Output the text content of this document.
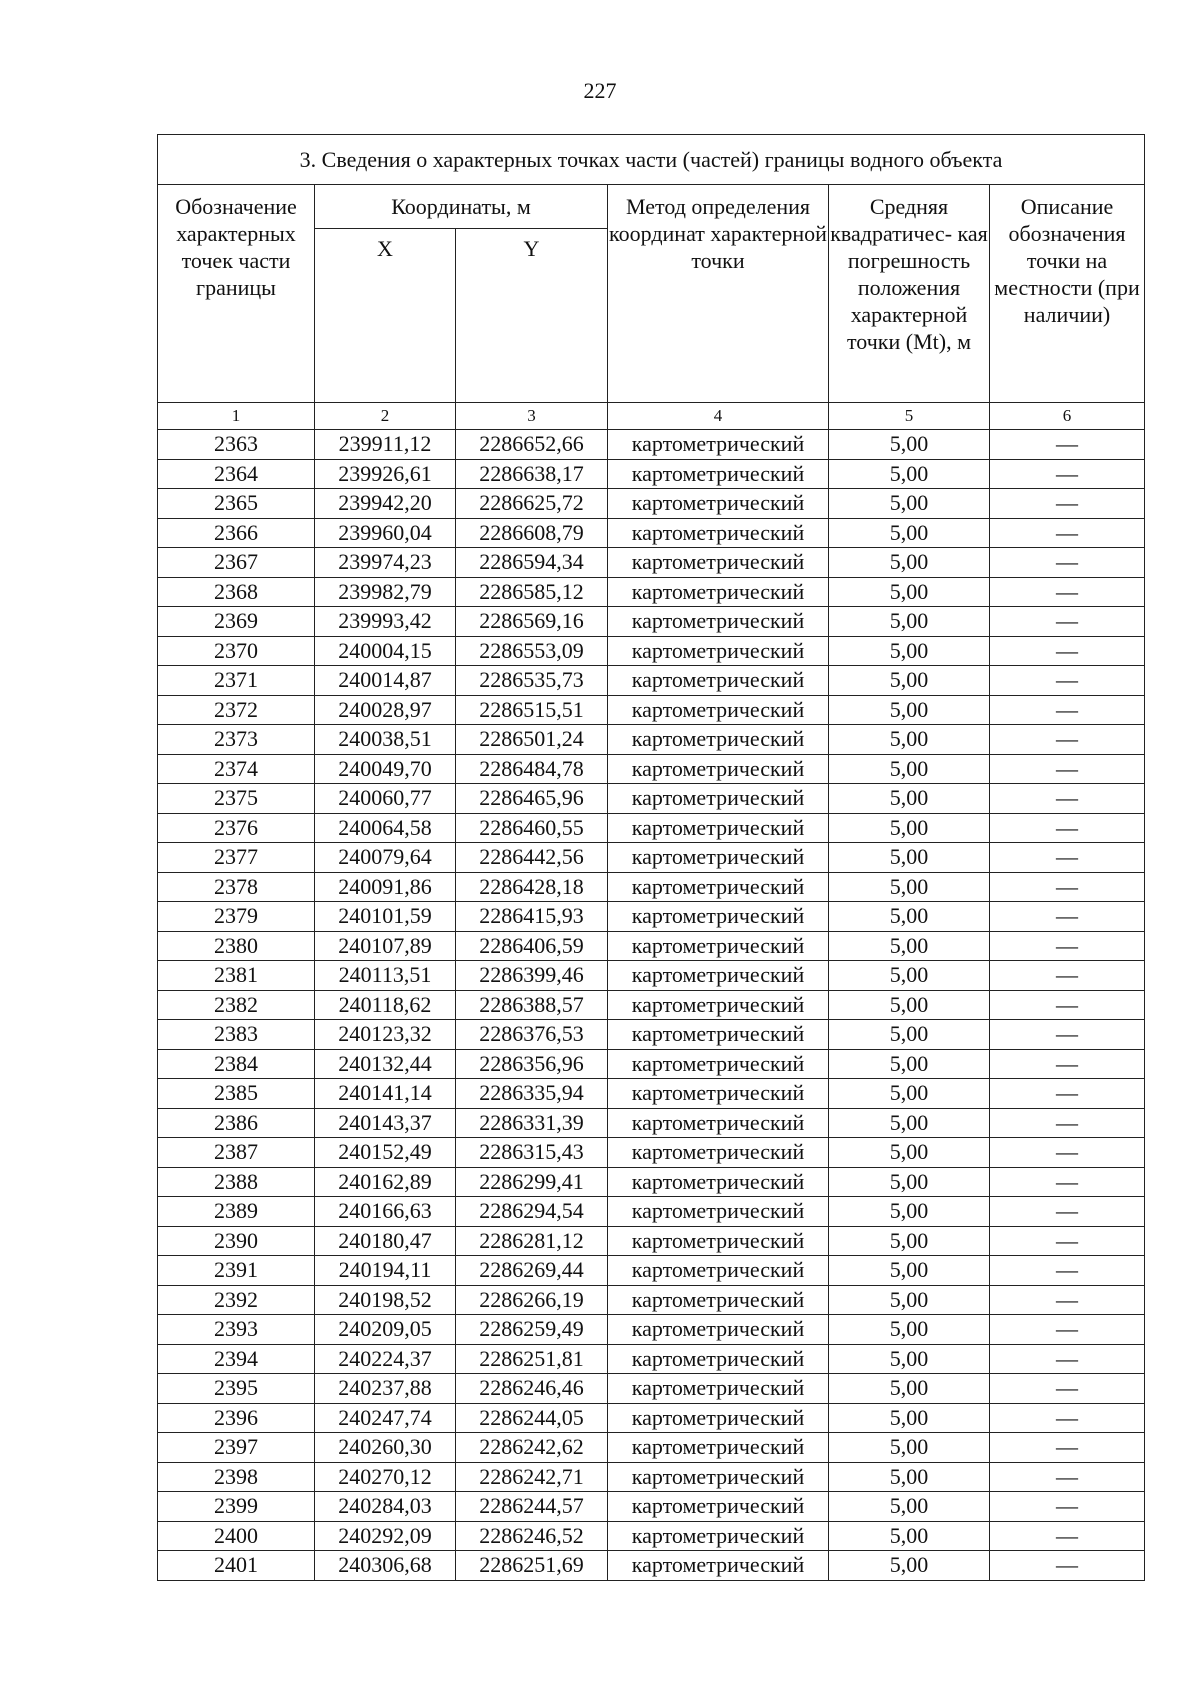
227
3. Сведения о характерных точках части (частей) границы водного объекта					
Обозначение характерных точек части границы	Координаты, м		Метод определения координат характерной точки	Средняя квадратичес- кая погрешность положения характерной точки (Mt), м	Описание обозначения точки на местности (при наличии)
	X	Y			
1	2	3	4	5	6
2363	239911,12	2286652,66	картометрический	5,00	—
2364	239926,61	2286638,17	картометрический	5,00	—
2365	239942,20	2286625,72	картометрический	5,00	—
2366	239960,04	2286608,79	картометрический	5,00	—
2367	239974,23	2286594,34	картометрический	5,00	—
2368	239982,79	2286585,12	картометрический	5,00	—
2369	239993,42	2286569,16	картометрический	5,00	—
2370	240004,15	2286553,09	картометрический	5,00	—
2371	240014,87	2286535,73	картометрический	5,00	—
2372	240028,97	2286515,51	картометрический	5,00	—
2373	240038,51	2286501,24	картометрический	5,00	—
2374	240049,70	2286484,78	картометрический	5,00	—
2375	240060,77	2286465,96	картометрический	5,00	—
2376	240064,58	2286460,55	картометрический	5,00	—
2377	240079,64	2286442,56	картометрический	5,00	—
2378	240091,86	2286428,18	картометрический	5,00	—
2379	240101,59	2286415,93	картометрический	5,00	—
2380	240107,89	2286406,59	картометрический	5,00	—
2381	240113,51	2286399,46	картометрический	5,00	—
2382	240118,62	2286388,57	картометрический	5,00	—
2383	240123,32	2286376,53	картометрический	5,00	—
2384	240132,44	2286356,96	картометрический	5,00	—
2385	240141,14	2286335,94	картометрический	5,00	—
2386	240143,37	2286331,39	картометрический	5,00	—
2387	240152,49	2286315,43	картометрический	5,00	—
2388	240162,89	2286299,41	картометрический	5,00	—
2389	240166,63	2286294,54	картометрический	5,00	—
2390	240180,47	2286281,12	картометрический	5,00	—
2391	240194,11	2286269,44	картометрический	5,00	—
2392	240198,52	2286266,19	картометрический	5,00	—
2393	240209,05	2286259,49	картометрический	5,00	—
2394	240224,37	2286251,81	картометрический	5,00	—
2395	240237,88	2286246,46	картометрический	5,00	—
2396	240247,74	2286244,05	картометрический	5,00	—
2397	240260,30	2286242,62	картометрический	5,00	—
2398	240270,12	2286242,71	картометрический	5,00	—
2399	240284,03	2286244,57	картометрический	5,00	—
2400	240292,09	2286246,52	картометрический	5,00	—
2401	240306,68	2286251,69	картометрический	5,00	—
